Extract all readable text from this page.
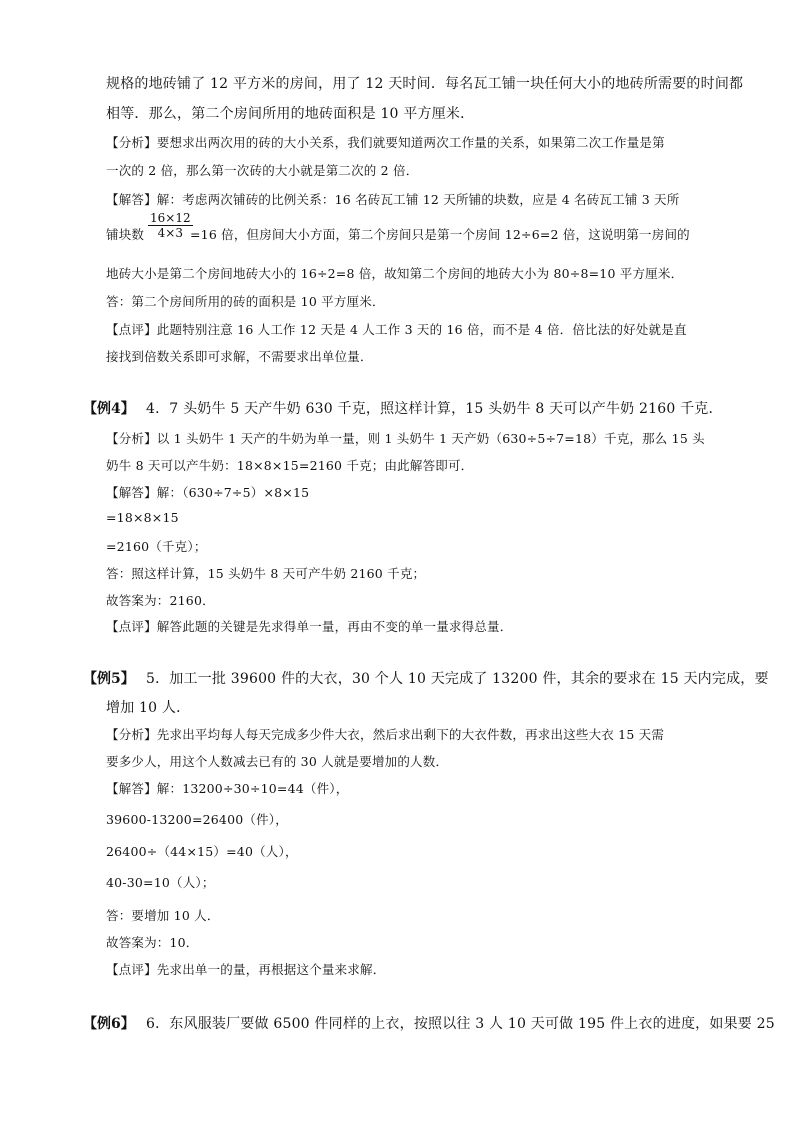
规格的地砖铺了 12 平方米的房间，用了 12 天时间．每名瓦工铺一块任何大小的地砖所需要的时间都
相等．那么，第二个房间所用的地砖面积是 10 平方厘米．
【分析】要想求出两次用的砖的大小关系，我们就要知道两次工作量的关系，如果第二次工作量是第
一次的 2 倍，那么第一次砖的大小就是第二次的 2 倍．
【解答】解：考虑两次铺砖的比例关系：16 名砖瓦工铺 12 天所铺的块数，应是 4 名砖瓦工铺 3 天所
铺块数 $\frac{16\times 12}{4\times 3}$
=16 倍，但房间大小方面，第二个房间只是第一个房间 12÷6=2 倍，这说明第一房间的
地砖大小是第二个房间地砖大小的 16÷2=8 倍，故知第二个房间的地砖大小为 80÷8=10 平方厘米．
答：第二个房间所用的砖的面积是 10 平方厘米．
【点评】此题特别注意 16 人工作 12 天是 4 人工作 3 天的 16 倍，而不是 4 倍．倍比法的好处就是直
接找到倍数关系即可求解，不需要求出单位量．
【例4】 4．7 头奶牛 5 天产牛奶 630 千克，照这样计算，15 头奶牛 8 天可以产牛奶 2160 千克．
【分析】以 1 头奶牛 1 天产的牛奶为单一量，则 1 头奶牛 1 天产奶（630÷5÷7=18）千克，那么 15 头
奶牛 8 天可以产牛奶：18×8×15=2160 千克；由此解答即可．
【解答】解：（630÷7÷5）×8×15
=18×8×15
=2160（千克）；
答：照这样计算，15 头奶牛 8 天可产牛奶 2160 千克；
故答案为：2160．
【点评】解答此题的关键是先求得单一量，再由不变的单一量求得总量．
【例5】 5．加工一批 39600 件的大衣，30 个人 10 天完成了 13200 件，其余的要求在 15 天内完成，要
增加 10 人．
【分析】先求出平均每人每天完成多少件大衣，然后求出剩下的大衣件数，再求出这些大衣 15 天需
要多少人，用这个人数减去已有的 30 人就是要增加的人数．
【解答】解：13200÷30÷10=44（件），
39600-13200=26400（件），
26400÷（44×15）=40（人），
40-30=10（人）；
答：要增加 10 人．
故答案为：10．
【点评】先求出单一的量，再根据这个量来求解．
【例6】 6．东风服装厂要做 6500 件同样的上衣，按照以往 3 人 10 天可做 195 件上衣的进度，如果要 25
